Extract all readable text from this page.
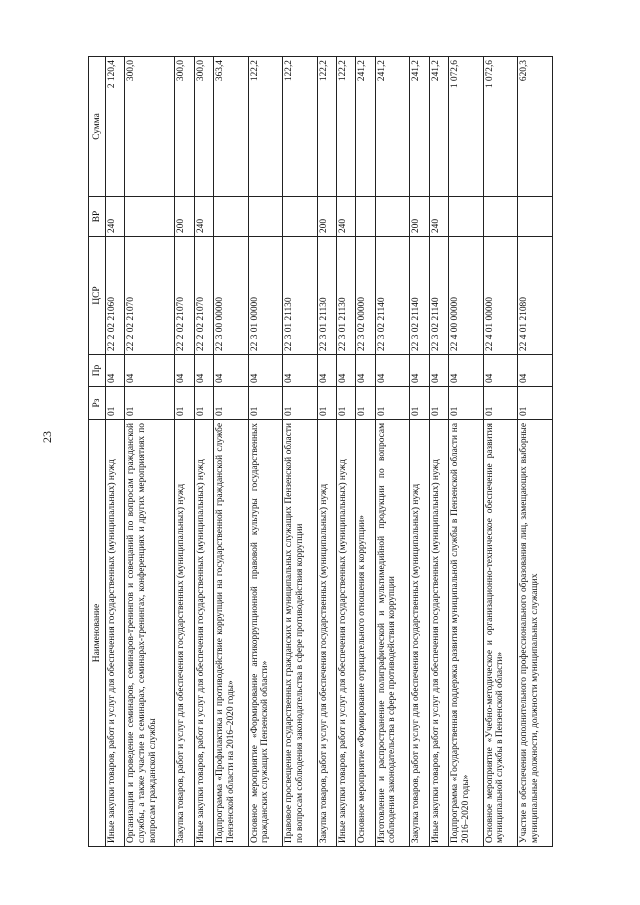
23
Наименование	Рз	Пр	ЦСР	ВР	Сумма
Иные закупки товаров, работ и услуг для обеспечения государственных (муниципальных) нужд	01	04	22 2 02 21060	240	2 120,4
Организация и проведение семинаров, семинаров-тренингов и совещаний по вопросам гражданской службы, а также участие в семинарах, семинарах-тренингах, конференциях и других мероприятиях по вопросам гражданской службы	01	04	22 2 02 21070		300,0
Закупка товаров, работ и услуг для обеспечения государственных (муниципальных) нужд	01	04	22 2 02 21070	200	300,0
Иные закупки товаров, работ и услуг для обеспечения государственных (муниципальных) нужд	01	04	22 2 02 21070	240	300,0
Подпрограмма «Профилактика и противодействие коррупции на государственной гражданской службе Пензенской области на 2016–2020 годы»	01	04	22 3 00 00000		363,4
Основное мероприятие «Формирование антикоррупционной правовой культуры государственных гражданских служащих Пензенской области»	01	04	22 3 01 00000		122,2
Правовое просвещение государственных гражданских и муниципальных служащих Пензенской области по вопросам соблюдения законодательства в сфере противодействия коррупции	01	04	22 3 01 21130		122,2
Закупка товаров, работ и услуг для обеспечения государственных (муниципальных) нужд	01	04	22 3 01 21130	200	122,2
Иные закупки товаров, работ и услуг для обеспечения государственных (муниципальных) нужд	01	04	22 3 01 21130	240	122,2
Основное мероприятие «Формирование отрицательного отношения к коррупции»	01	04	22 3 02 00000		241,2
Изготовление и распространение полиграфической и мультимедийной продукции по вопросам соблюдения законодательства в сфере противодействия коррупции	01	04	22 3 02 21140		241,2
Закупка товаров, работ и услуг для обеспечения государственных (муниципальных) нужд	01	04	22 3 02 21140	200	241,2
Иные закупки товаров, работ и услуг для обеспечения государственных (муниципальных) нужд	01	04	22 3 02 21140	240	241,2
Подпрограмма «Государственная поддержка развития муниципальной службы в Пензенской области на 2016–2020 годы»	01	04	22 4 00 00000		1 072,6
Основное мероприятие «Учебно-методическое и организационно-техническое обеспечение развития муниципальной службы в Пензенской области»	01	04	22 4 01 00000		1 072,6
Участие в обеспечении дополнительного профессионального образования лиц, замещающих выборные муниципальные должности, должности муниципальных служащих	01	04	22 4 01 21080		620,3
